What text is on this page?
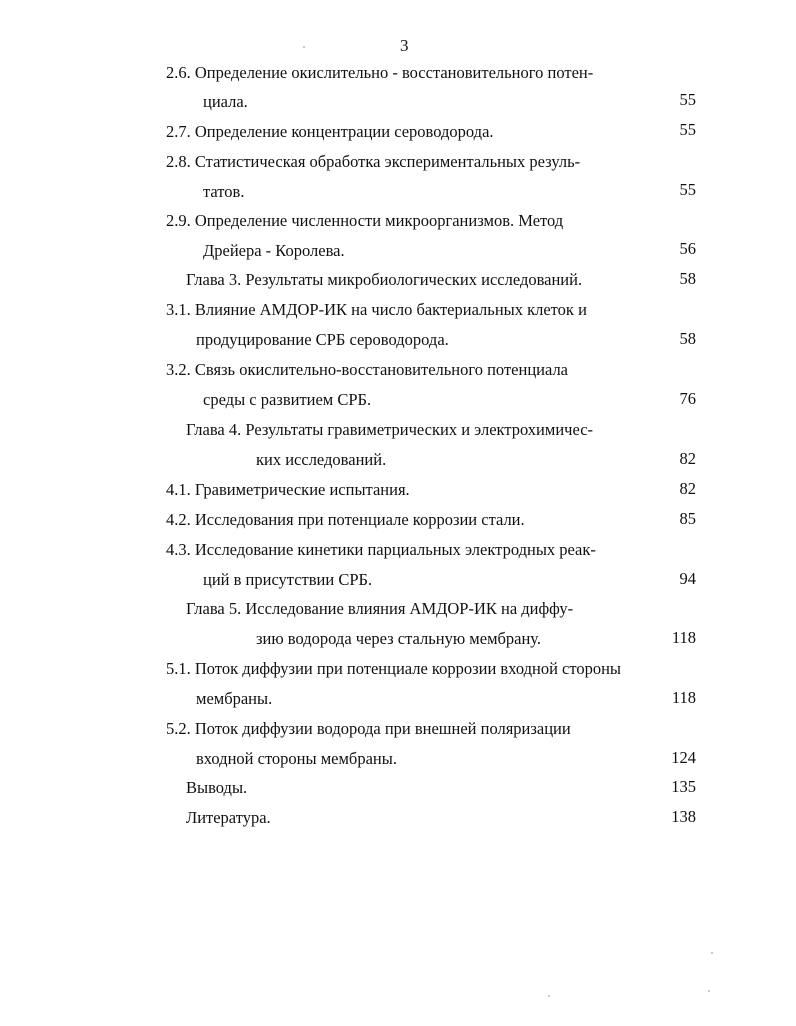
3
2.6. Определение окислительно - восстановительного потен-
циала.	55
2.7. Определение концентрации сероводорода.	55
2.8. Статистическая обработка экспериментальных резуль-
татов.	55
2.9. Определение численности микроорганизмов. Метод
Дрейера - Королева.	56
Глава 3. Результаты микробиологических исследований.	58
3.1. Влияние АМДОР-ИК на число бактериальных клеток и
продуцирование СРБ сероводорода.	58
3.2. Связь окислительно-восстановительного потенциала
среды с развитием СРБ.	76
Глава 4. Результаты гравиметрических и электрохимичес-
ких исследований.	82
4.1. Гравиметрические испытания.	82
4.2. Исследования при потенциале коррозии стали.	85
4.3. Исследование кинетики парциальных электродных реак-
ций в присутствии СРБ.	94
Глава 5. Исследование влияния АМДОР-ИК на диффу-
зию водорода через стальную мембрану.	118
5.1. Поток диффузии при потенциале коррозии входной стороны
мембраны.	118
5.2. Поток диффузии водорода при внешней поляризации
входной стороны мембраны.	124
Выводы.	135
Литература.	138
